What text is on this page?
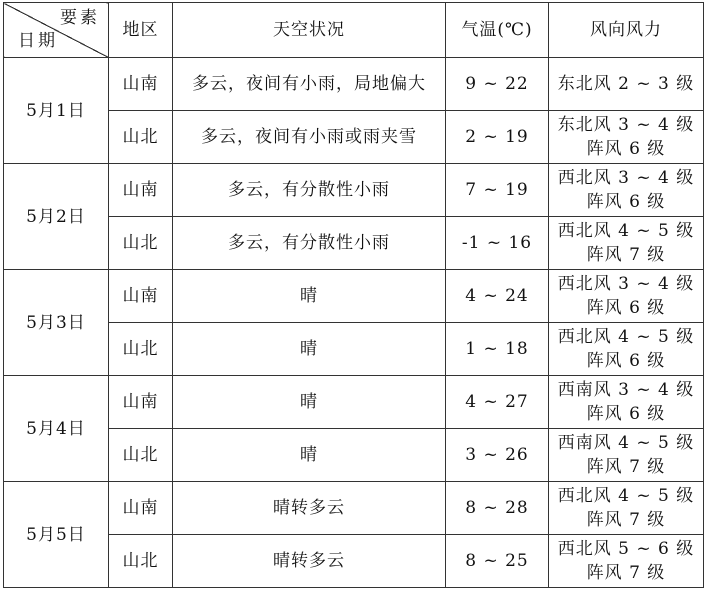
要素
日期	地区	天空状况	气温(℃)	风向风力
5月1日	山南	多云，夜间有小雨，局地偏大	9 ~ 22	东北风 2 ~ 3 级

	山北	多云，夜间有小雨或雨夹雪	2 ~ 19	东北风 3 ~ 4 级
阵风 6 级

5月2日	山南	多云，有分散性小雨	7 ~ 19	西北风 3 ~ 4 级
阵风 6 级

	山北	多云，有分散性小雨	-1 ~ 16	西北风 4 ~ 5 级
阵风 7 级

5月3日	山南	晴	4 ~ 24	西北风 3 ~ 4 级
阵风 6 级

	山北	晴	1 ~ 18	西北风 4 ~ 5 级
阵风 6 级

5月4日	山南	晴	4 ~ 27	西南风 3 ~ 4 级
阵风 6 级

	山北	晴	3 ~ 26	西南风 4 ~ 5 级
阵风 7 级

5月5日	山南	晴转多云	8 ~ 28	西北风 4 ~ 5 级
阵风 7 级

	山北	晴转多云	8 ~ 25	西北风 5 ~ 6 级
阵风 7 级
